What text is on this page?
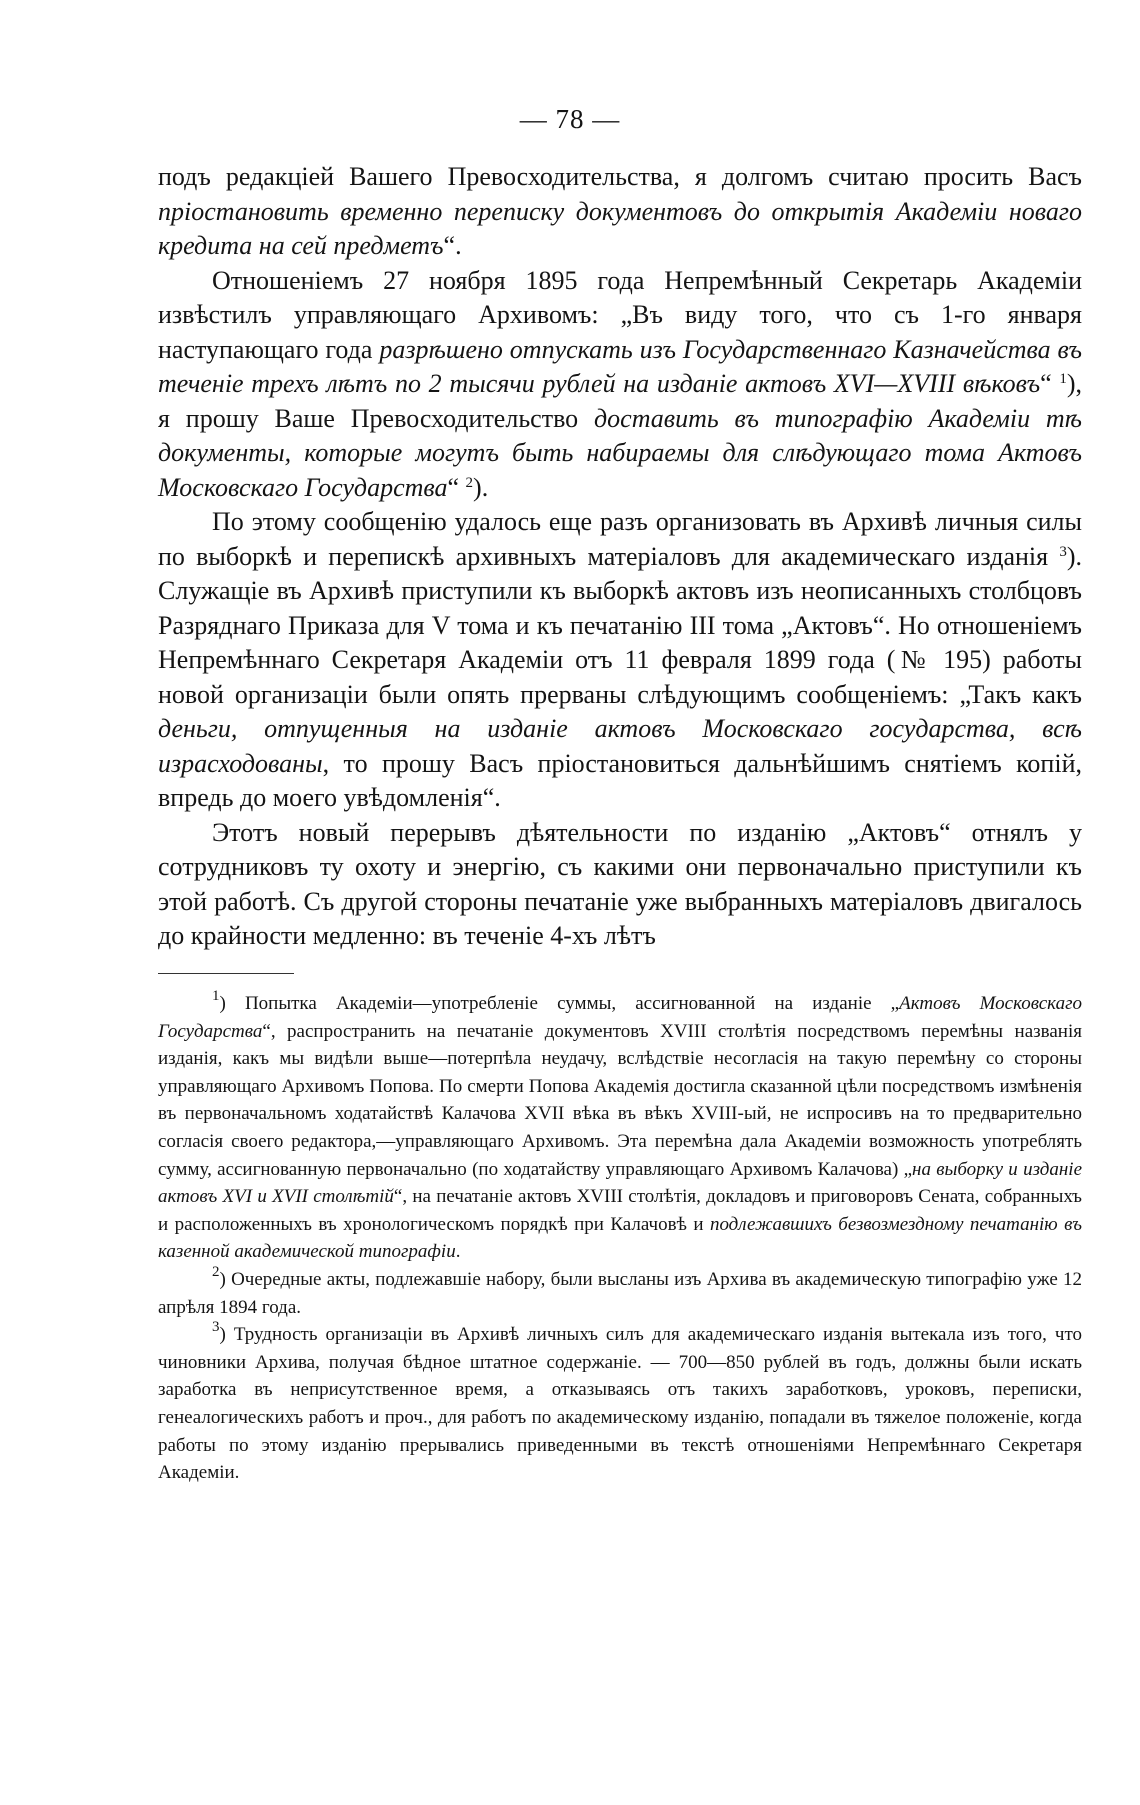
— 78 —

подъ редакціей Вашего Превосходительства, я долгомъ считаю просить Васъ пріостановить временно переписку документовъ до открытія Академіи новаго кредита на сей предметъ“.

Отношеніемъ 27 ноября 1895 года Непремѣнный Секретарь Академіи извѣстилъ управляющаго Архивомъ: „Въ виду того, что съ 1-го января наступающаго года разрѣшено отпускать изъ Государственнаго Казначейства въ теченіе трехъ лѣтъ по 2 тысячи рублей на изданіе актовъ XVI—XVIII вѣковъ“ $^1$), я прошу Ваше Превосходительство доставить въ типографію Академіи тѣ документы, которые могутъ быть набираемы для слѣдующаго тома Актовъ Московскаго Государства“ $^2$).

По этому сообщенію удалось еще разъ организовать въ Архивѣ личныя силы по выборкѣ и перепискѣ архивныхъ матеріаловъ для академическаго изданія $^3$). Служащіе въ Архивѣ приступили къ выборкѣ актовъ изъ неописанныхъ столбцовъ Разряднаго Приказа для V тома и къ печатанію III тома „Актовъ“. Но отношеніемъ Непремѣннаго Секретаря Академіи отъ 11 февраля 1899 года (№ 195) работы новой организаціи были опять прерваны слѣдующимъ сообщеніемъ: „Такъ какъ деньги, отпущенныя на изданіе актовъ Московскаго государства, всѣ израсходованы, то прошу Васъ пріостановиться дальнѣйшимъ снятіемъ копій, впредь до моего увѣдомленія“.

Этотъ новый перерывъ дѣятельности по изданію „Актовъ“ отнялъ у сотрудниковъ ту охоту и энергію, съ какими они первоначально приступили къ этой работѣ. Съ другой стороны печатаніе уже выбранныхъ матеріаловъ двигалось до крайности медленно: въ теченіе 4-хъ лѣтъ

$^1$) Попытка Академіи—употребленіе суммы, ассигнованной на изданіе „Актовъ Московскаго Государства“, распространить на печатаніе документовъ XVIII столѣтія посредствомъ перемѣны названія изданія, какъ мы видѣли выше—потерпѣла неудачу, вслѣдствіе несогласія на такую перемѣну со стороны управляющаго Архивомъ Попова. По смерти Попова Академія достигла сказанной цѣли посредствомъ измѣненія въ первоначальномъ ходатайствѣ Калачова XVII вѣка въ вѣкъ XVIII-ый, не испросивъ на то предварительно согласія своего редактора,—управляющаго Архивомъ. Эта перемѣна дала Академіи возможность употреблять сумму, ассигнованную первоначально (по ходатайству управляющаго Архивомъ Калачова) „на выборку и изданіе актовъ XVI и XVII столѣтій“, на печатаніе актовъ XVIII столѣтія, докладовъ и приговоровъ Сената, собранныхъ и расположенныхъ въ хронологическомъ порядкѣ при Калачовѣ и подлежавшихъ безвозмездному печатанію въ казенной академической типографіи.

$^2$) Очередные акты, подлежавшіе набору, были высланы изъ Архива въ академическую типографію уже 12 апрѣля 1894 года.

$^3$) Трудность организаціи въ Архивѣ личныхъ силъ для академическаго изданія вытекала изъ того, что чиновники Архива, получая бѣдное штатное содержаніе. — 700—850 рублей въ годъ, должны были искать заработка въ неприсутственное время, а отказываясь отъ такихъ заработковъ, уроковъ, переписки, генеалогическихъ работъ и проч., для работъ по академическому изданію, попадали въ тяжелое положеніе, когда работы по этому изданію прерывались приведенными въ текстѣ отношеніями Непремѣннаго Секретаря Академіи.
